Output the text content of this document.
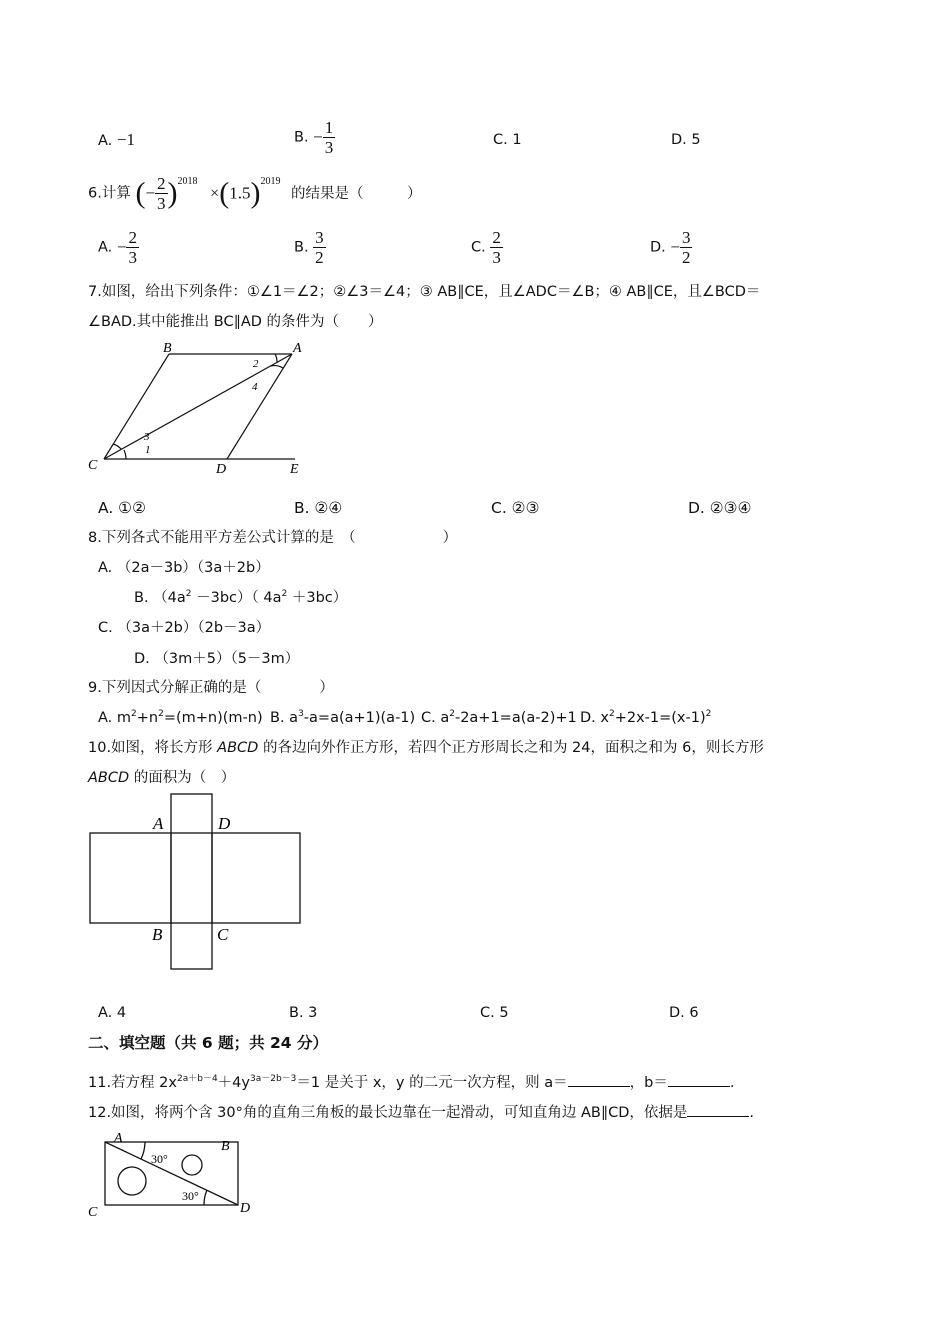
A. −1	B. − $\frac{1}{3}$	C. 1	D. 5
6.计算 (− $\frac{2}{3} )^{2018} \times(1.5)^{2019}$ 的结果是（　　　）
A. − $\frac{2}{3}$	B. $\frac{3}{2}$	C. $\frac{2}{3}$	D. − $\frac{3}{2}$
7.如图，给出下列条件：①∠1＝∠2；②∠3＝∠4；③ AB∥CE，且∠ADC＝∠B；④ AB∥CE，且∠BCD＝
∠BAD.其中能推出 BC∥AD 的条件为（　　）
B	A
C	D	E
3
1
2
4
A. ①②	B. ②④	C. ②③	D. ②③④
8.下列各式不能用平方差公式计算的是　（　　　　　　）
A. （2a－3b）（3a＋2b）
B. $(4a^2 -3bc)$（ $4a^2 +3bc$）
C. （3a＋2b）（2b－3a）
D. （3m＋5）（5－3m）
9.下列因式分解正确的是（　　　　）
A. $m^2+n^2=(m+n)(m-n)$ B. $a^3-a=a(a+1)(a-1)$ C. $a^2-2a+1=a(a-2)+1$ D. $x^2+2x-1=(x-1)^2$
10.如图，将长方形 ABCD 的各边向外作正方形，若四个正方形周长之和为 24，面积之和为 6，则长方形
ABCD 的面积为（　）
A	D
B	C
A. 4	B. 3	C. 5	D. 6
二、填空题（共 6 题；共 24 分）
11.若方程 $2x^{2a+b-4}+4y^{3a-2b-3}=1$ 是关于 x，y 的二元一次方程，则 a＝	，b＝	.
12.如图，将两个含 30°角的直角三角板的最长边靠在一起滑动，可知直角边 AB∥CD，依据是	.
A
B
C	D
30°
30°
